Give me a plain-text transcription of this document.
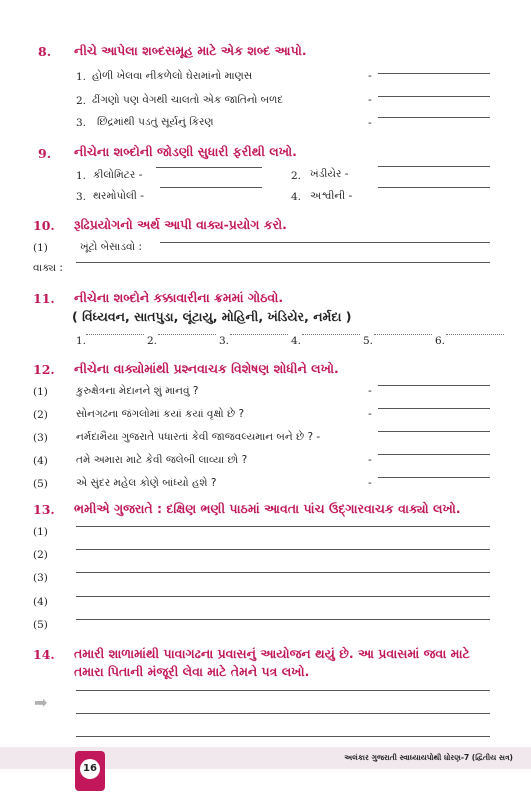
8. નીચે આપેલા શબ્દસમૂહ માટે એક શબ્દ આપો.
1. હોળી ખેલવા નીકળેલો ઘેરામાંનો માણસ	-
2. ઢીંગણો પણ વેગથી ચાલતો એક જાતિનો બળદ	-
3. છિદ્રમાંથી પડતું સૂર્યનું કિરણ	-
9. નીચેના શબ્દોની જોડણી સુધારી ફરીથી લખો.
1. કીલોમિટર -	2. ખંડીયેર -
3. થરમોપોલી -	4. અશ્વીની -
10. રૂઢિપ્રયોગનો અર્થ આપી વાક્ય-પ્રયોગ કરો.
(1)	ખૂંટો બેસાડવો :
વાક્ય :
11. નીચેના શબ્દોને કક્કાવારીના ક્રમમાં ગોઠવો.
( વિંધ્યવન, સાતપુડા, લૂંટાયુ, મોહિની, ખંડિયેર, નર્મદા )
1.	2.	3.	4.	5.	6.
12. નીચેના વાક્યોમાંથી પ્રશ્નવાચક વિશેષણ શોધીને લખો.
(1)	કુરુક્ષેત્રના મેદાનને શું માનવું ?	-
(2)	સોનગઢના જંગલોમાં કયાં કયાં વૃક્ષો છે ?	-
(3)	નર્મદામૈયા ગુજરાતે પધારતાં કેવી જાજવલ્યમાન બને છે ? -
(4)	તમે અમારા માટે કેવી જલેબી લાવ્યા છો ?	-
(5)	એ સુંદર મહેલ કોણે બાંધ્યો હશે ?	-
13. ભમીએ ગુજરાતે : દક્ષિણ ભણી પાઠમાં આવતા પાંચ ઉદ્ગારવાચક વાક્યો લખો.
(1)
(2)
(3)
(4)
(5)
14. તમારી શાળામાંથી પાવાગઢના પ્રવાસનું આયોજન થયું છે. આ પ્રવાસમાં જવા માટે
તમારા પિતાની મંજૂરી લેવા માટે તેમને પત્ર લખો.
➡
16
અલંકાર ગુજરાતી સ્વાધ્યાયપોથી ધોરણ-7 (દ્વિતીય સત્ર)
